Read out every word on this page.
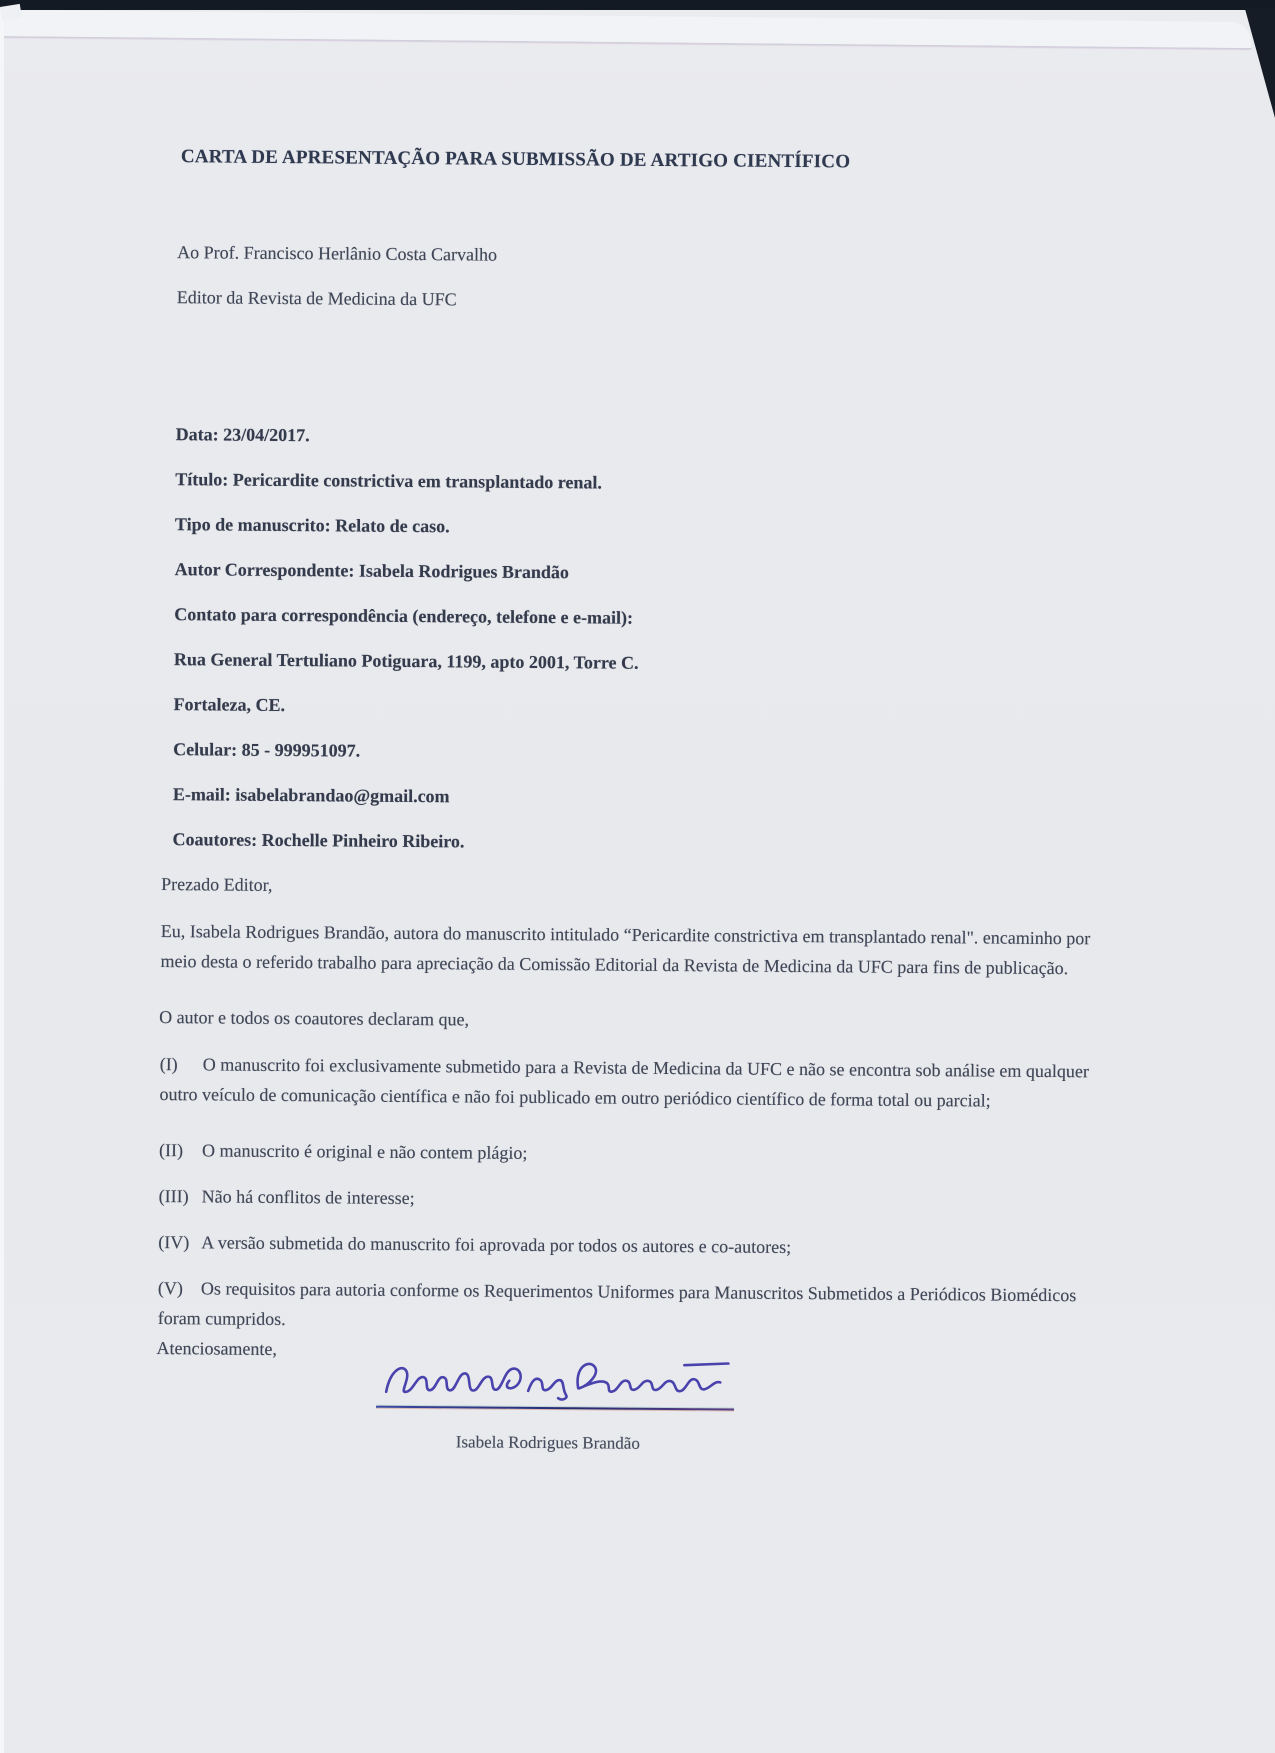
CARTA DE APRESENTAÇÃO PARA SUBMISSÃO DE ARTIGO CIENTÍFICO
Ao Prof. Francisco Herlânio Costa Carvalho
Editor da Revista de Medicina da UFC
Data: 23/04/2017.
Título: Pericardite constrictiva em transplantado renal.
Tipo de manuscrito: Relato de caso.
Autor Correspondente: Isabela Rodrigues Brandão
Contato para correspondência (endereço, telefone e e-mail):
Rua General Tertuliano Potiguara, 1199, apto 2001, Torre C.
Fortaleza, CE.
Celular: 85 - 999951097.
E-mail: isabelabrandao@gmail.com
Coautores: Rochelle Pinheiro Ribeiro.
Prezado Editor,
Eu, Isabela Rodrigues Brandão, autora do manuscrito intitulado “Pericardite constrictiva em transplantado renal". encaminho por meio desta o referido trabalho para apreciação da Comissão Editorial da Revista de Medicina da UFC para fins de publicação.
O autor e todos os coautores declaram que,
(I) O manuscrito foi exclusivamente submetido para a Revista de Medicina da UFC e não se encontra sob análise em qualquer outro veículo de comunicação científica e não foi publicado em outro periódico científico de forma total ou parcial;
(II) O manuscrito é original e não contem plágio;
(III) Não há conflitos de interesse;
(IV) A versão submetida do manuscrito foi aprovada por todos os autores e co-autores;
(V) Os requisitos para autoria conforme os Requerimentos Uniformes para Manuscritos Submetidos a Periódicos Biomédicos foram cumpridos.
Atenciosamente,
Isabela Rodrigues Brandão
